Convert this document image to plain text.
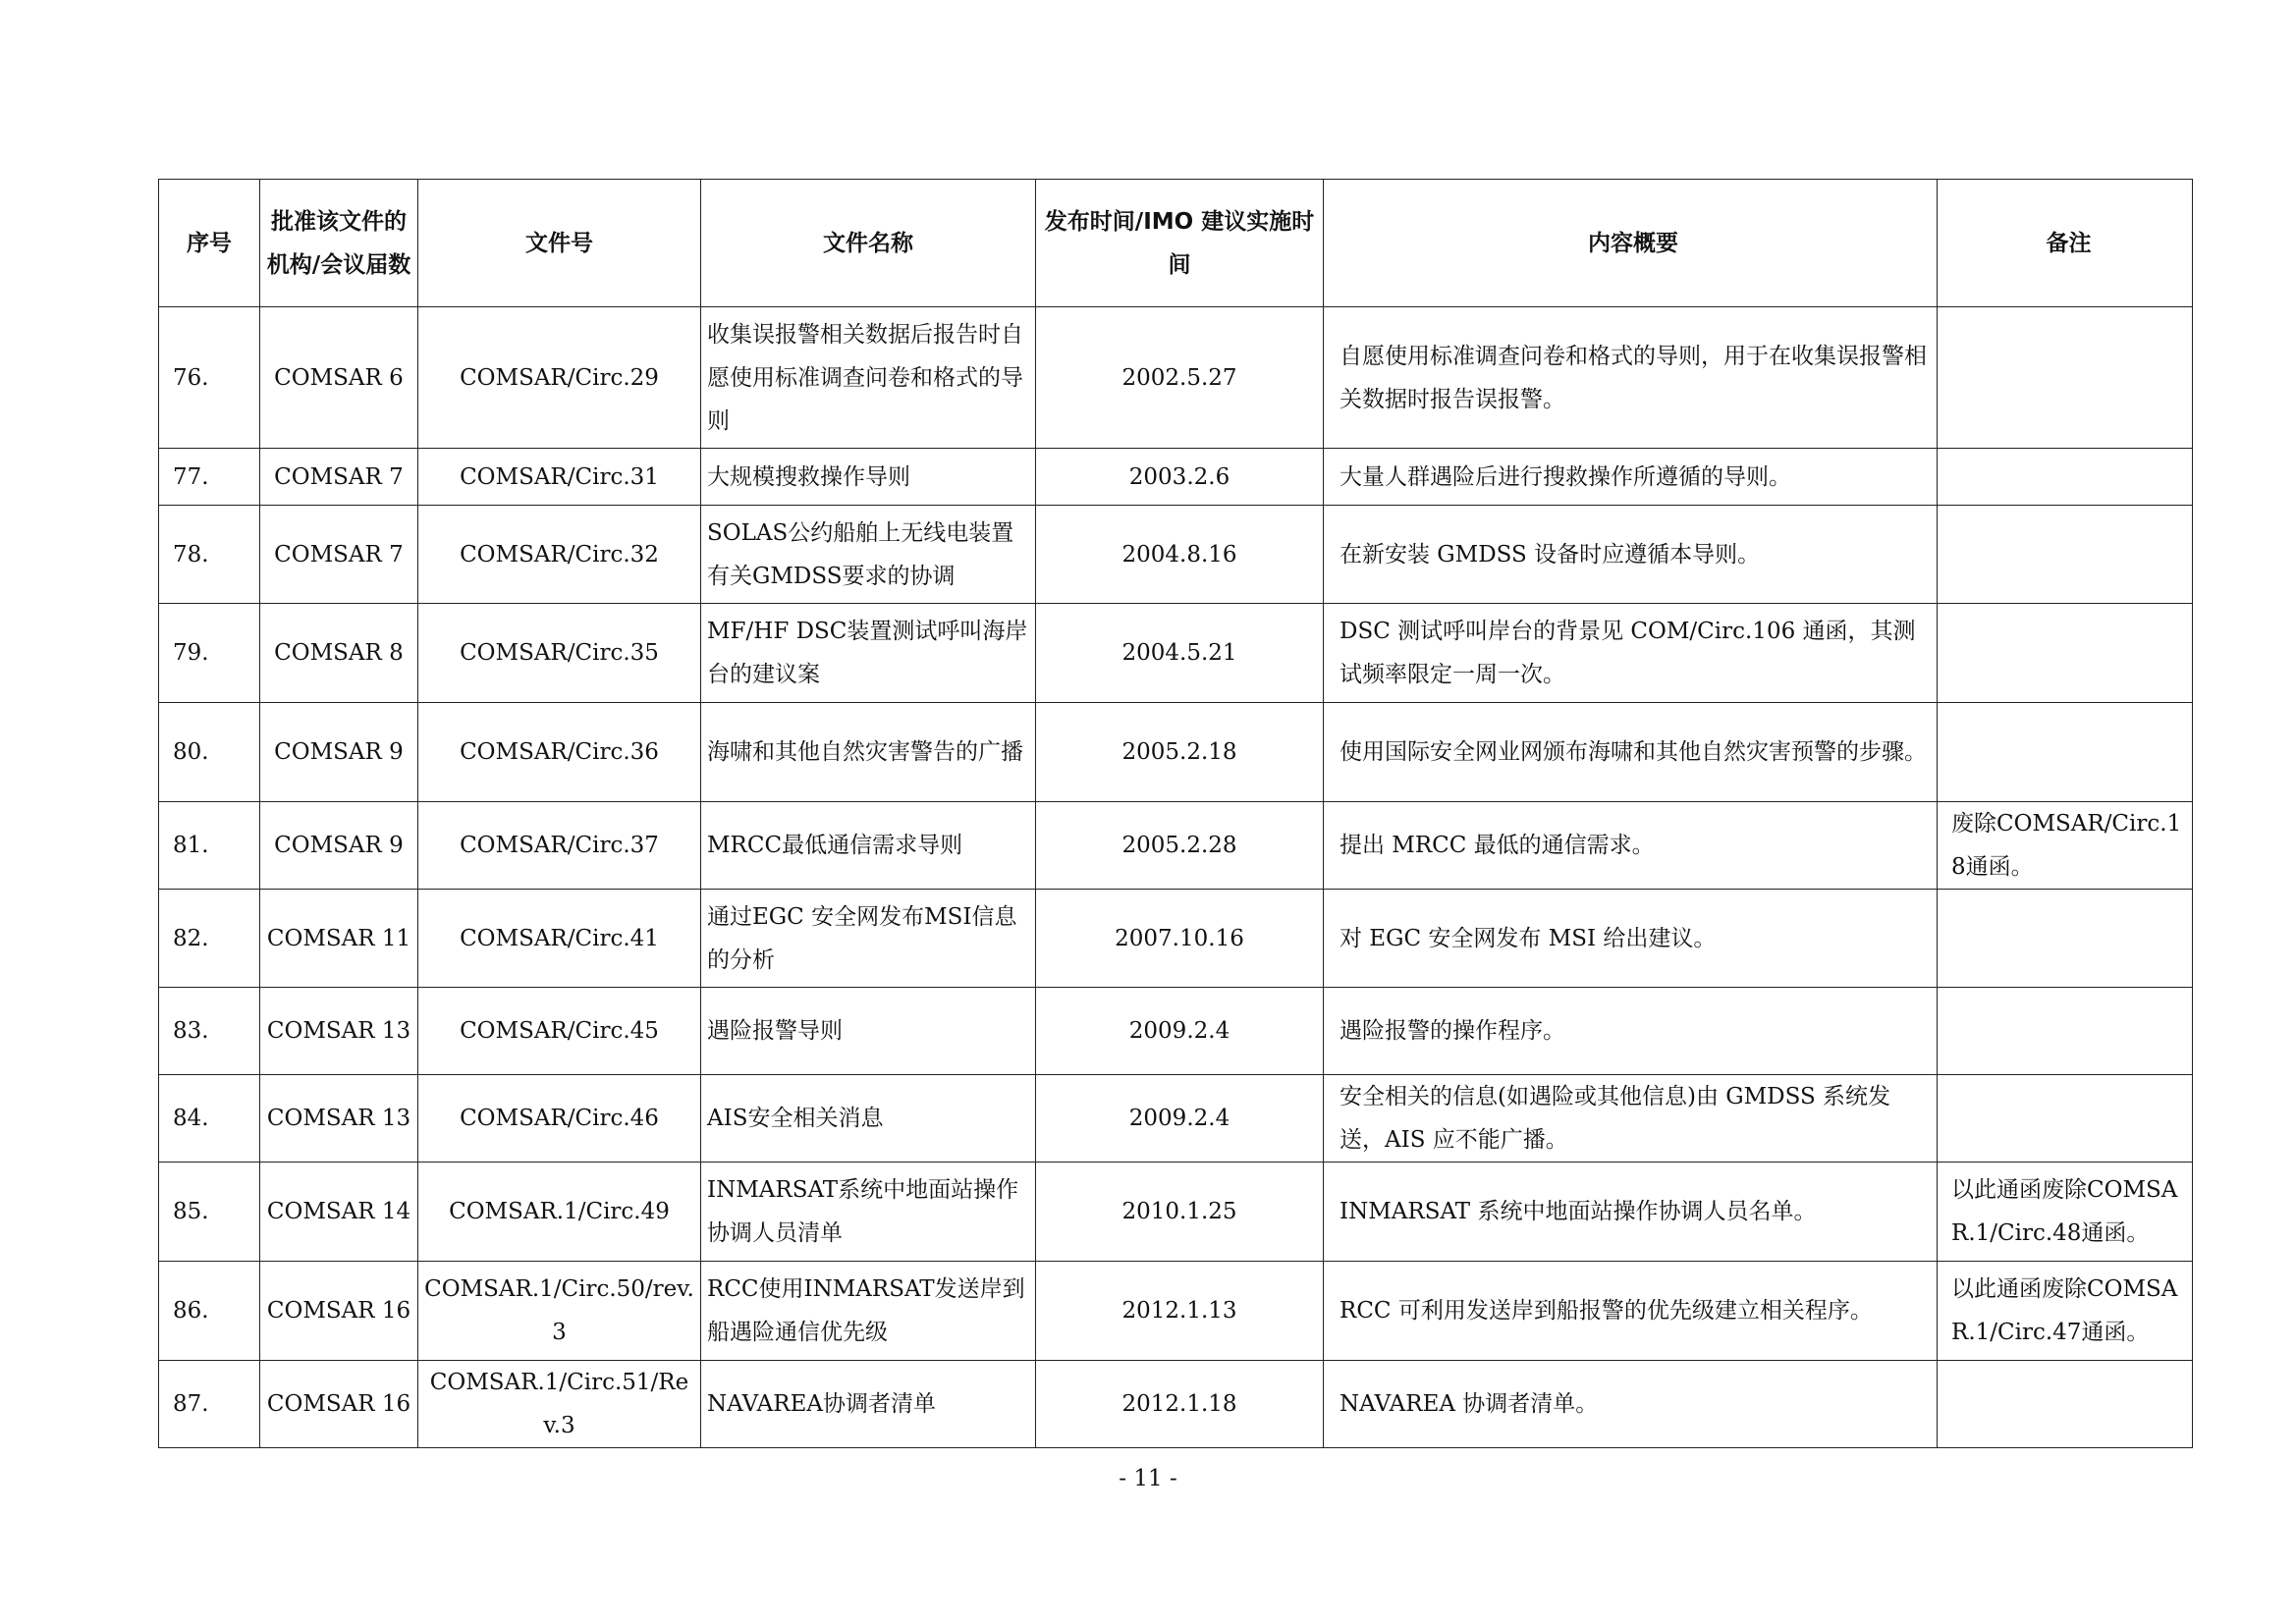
序号	批准该文件的机构/会议届数	文件号	文件名称	发布时间/IMO 建议实施时间	内容概要	备注
76.	COMSAR 6	COMSAR/Circ.29	收集误报警相关数据后报告时自愿使用标准调查问卷和格式的导则	2002.5.27	自愿使用标准调查问卷和格式的导则，用于在收集误报警相关数据时报告误报警。	
77.	COMSAR 7	COMSAR/Circ.31	大规模搜救操作导则	2003.2.6	大量人群遇险后进行搜救操作所遵循的导则。	
78.	COMSAR 7	COMSAR/Circ.32	SOLAS公约船舶上无线电装置有关GMDSS要求的协调	2004.8.16	在新安装 GMDSS 设备时应遵循本导则。	
79.	COMSAR 8	COMSAR/Circ.35	MF/HF DSC装置测试呼叫海岸台的建议案	2004.5.21	DSC 测试呼叫岸台的背景见 COM/Circ.106 通函，其测试频率限定一周一次。	
80.	COMSAR 9	COMSAR/Circ.36	海啸和其他自然灾害警告的广播	2005.2.18	使用国际安全网业网颁布海啸和其他自然灾害预警的步骤。	
81.	COMSAR 9	COMSAR/Circ.37	MRCC最低通信需求导则	2005.2.28	提出 MRCC 最低的通信需求。	废除COMSAR/Circ.18通函。
82.	COMSAR 11	COMSAR/Circ.41	通过EGC 安全网发布MSI信息的分析	2007.10.16	对 EGC 安全网发布 MSI 给出建议。	
83.	COMSAR 13	COMSAR/Circ.45	遇险报警导则	2009.2.4	遇险报警的操作程序。	
84.	COMSAR 13	COMSAR/Circ.46	AIS安全相关消息	2009.2.4	安全相关的信息(如遇险或其他信息)由 GMDSS 系统发送，AIS 应不能广播。	
85.	COMSAR 14	COMSAR.1/Circ.49	INMARSAT系统中地面站操作协调人员清单	2010.1.25	INMARSAT 系统中地面站操作协调人员名单。	以此通函废除COMSAR.1/Circ.48通函。
86.	COMSAR 16	COMSAR.1/Circ.50/rev.3	RCC使用INMARSAT发送岸到船遇险通信优先级	2012.1.13	RCC 可利用发送岸到船报警的优先级建立相关程序。	以此通函废除COMSAR.1/Circ.47通函。
87.	COMSAR 16	COMSAR.1/Circ.51/Rev.3	NAVAREA协调者清单	2012.1.18	NAVAREA 协调者清单。	
- 11 -
